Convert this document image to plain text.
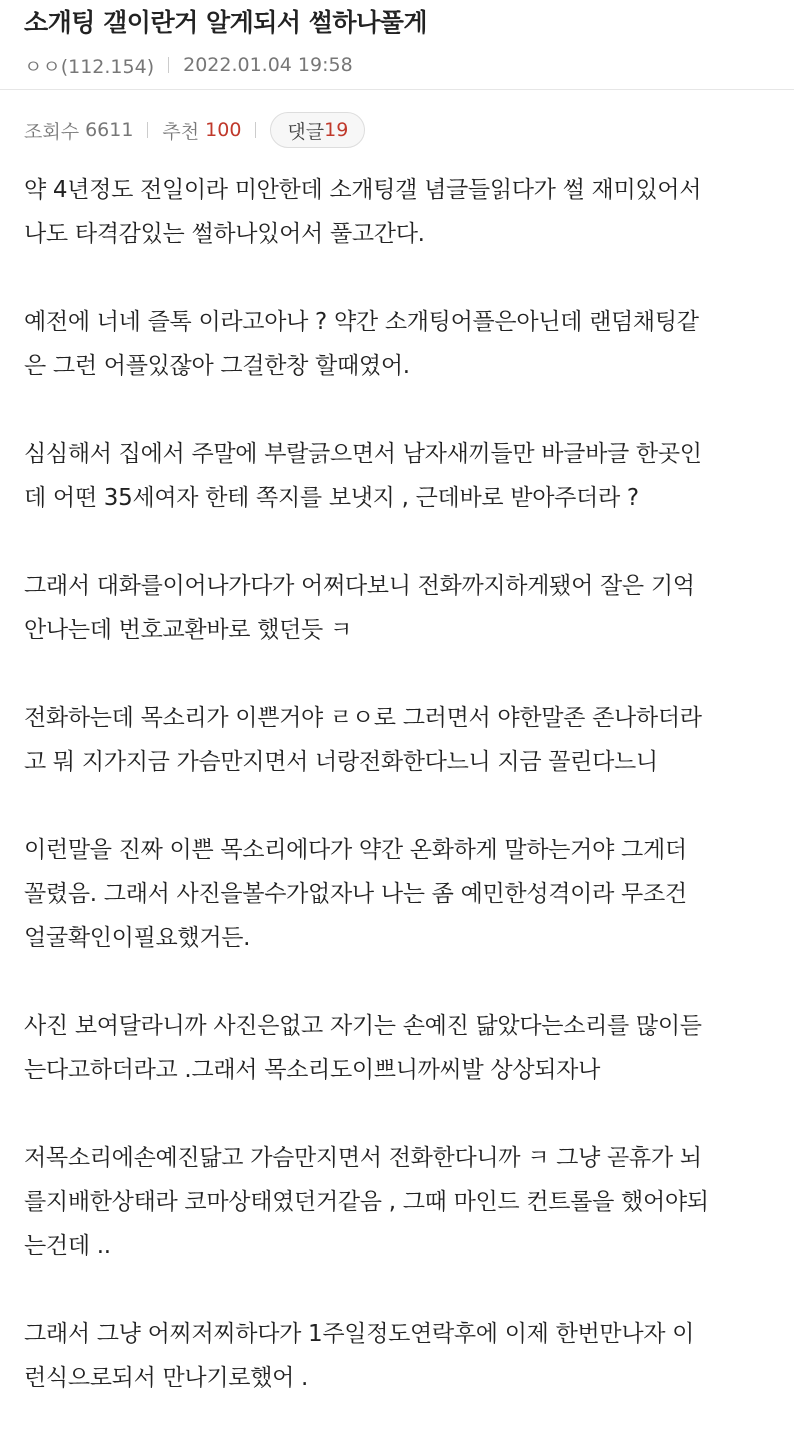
소개팅 갤이란거 알게되서 썰하나풀게
ㅇㅇ(112.154) 2022.01.04 19:58
조회수 6611 추천 100 댓글 19

약 4년정도 전일이라 미안한데 소개팅갤 념글들읽다가 썰 재미있어서
나도 타격감있는 썰하나있어서 풀고간다.

예전에 너네 즐톡 이라고아나 ? 약간 소개팅어플은아닌데 랜덤채팅같
은 그런 어플있잖아 그걸한창 할때였어.

심심해서 집에서 주말에 부랄긁으면서 남자새끼들만 바글바글 한곳인
데 어떤 35세여자 한테 쪽지를 보냇지 , 근데바로 받아주더라 ?

그래서 대화를이어나가다가 어쩌다보니 전화까지하게됐어 잘은 기억
안나는데 번호교환바로 했던듯 ㅋ

전화하는데 목소리가 이쁜거야 ㄹㅇ로 그러면서 야한말존 존나하더라
고 뭐 지가지금 가슴만지면서 너랑전화한다느니 지금 꼴린다느니

이런말을 진짜 이쁜 목소리에다가 약간 온화하게 말하는거야 그게더
꼴렸음. 그래서 사진을볼수가없자나 나는 좀 예민한성격이라 무조건
얼굴확인이필요했거든.

사진 보여달라니까 사진은없고 자기는 손예진 닮았다는소리를 많이듣
는다고하더라고 .그래서 목소리도이쁘니까씨발 상상되자나

저목소리에손예진닮고 가슴만지면서 전화한다니까 ㅋ 그냥 곧휴가 뇌
를지배한상태라 코마상태였던거같음 , 그때 마인드 컨트롤을 했어야되
는건데 ..

그래서 그냥 어찌저찌하다가 1주일정도연락후에 이제 한번만나자 이
런식으로되서 만나기로했어 .
